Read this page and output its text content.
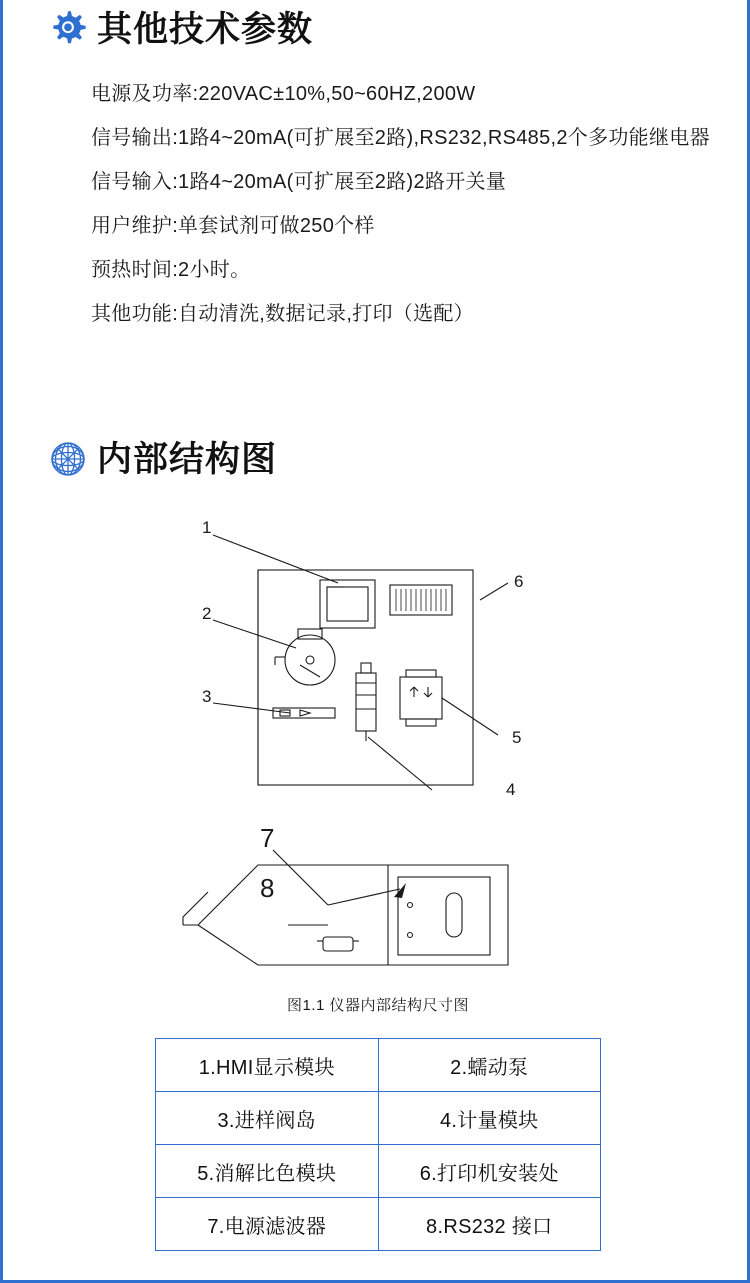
其他技术参数
电源及功率:220VAC±10%,50~60HZ,200W
信号输出:1路4~20mA(可扩展至2路),RS232,RS485,2个多功能继电器
信号输入:1路4~20mA(可扩展至2路)2路开关量
用户维护:单套试剂可做250个样
预热时间:2小时。
其他功能:自动清洗,数据记录,打印（选配）
内部结构图
1
2
3
4
5
6
7
8
图1.1 仪器内部结构尺寸图
1.HMI显示模块	2.蠕动泵
3.进样阀岛	4.计量模块
5.消解比色模块	6.打印机安装处
7.电源滤波器	8.RS232 接口
